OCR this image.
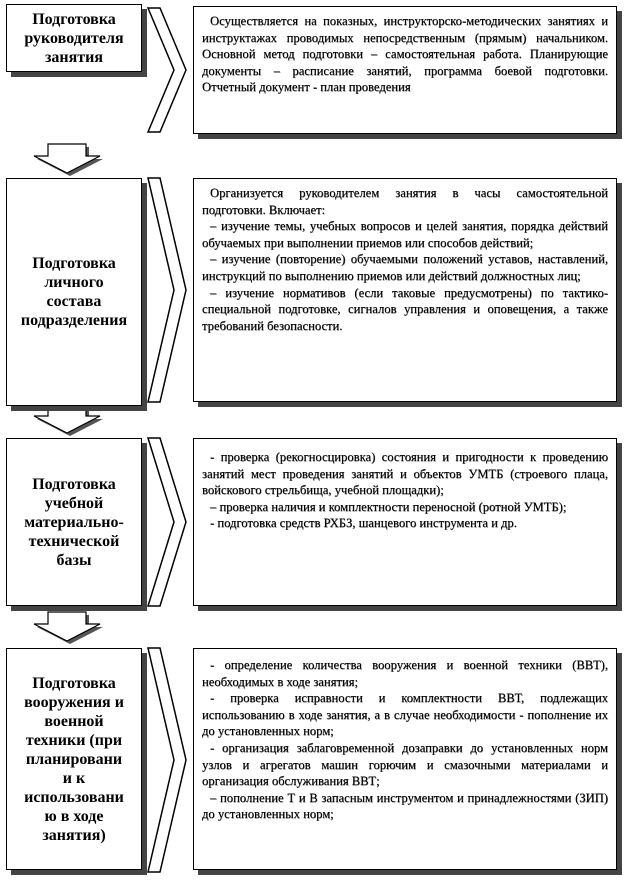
Подготовка
руководителя
занятия

Осуществляется на показных, инструкторско-методических занятиях и инструктажах проводимых непосредственным (прямым) начальником. Основной метод подготовки – самостоятельная работа. Планирующие документы – расписание занятий, программа боевой подготовки. Отчетный документ - план проведения

Подготовка
личного
состава
подразделения

Организуется руководителем занятия в часы самостоятельной подготовки. Включает:

– изучение темы, учебных вопросов и целей занятия, порядка действий обучаемых при выполнении приемов или способов действий;

– изучение (повторение) обучаемыми положений уставов, наставлений, инструкций по выполнению приемов или действий должностных лиц;

– изучение нормативов (если таковые предусмотрены) по тактико-специальной подготовке, сигналов управления и оповещения, а также требований безопасности.

Подготовка
учебной
материально-
технической
базы

- проверка (рекогносцировка) состояния и пригодности к проведению занятий мест проведения занятий и объектов УМТБ (строевого плаца, войскового стрельбища, учебной площадки);

– проверка наличия и комплектности переносной (ротной УМТБ);

- подготовка средств РХБЗ, шанцевого инструмента и др.

Подготовка
вооружения и
военной
техники (при
планировани
и к
использовани
ю в ходе
занятия)

- определение количества вооружения и военной техники (ВВТ), необходимых в ходе занятия;

- проверка исправности и комплектности ВВТ, подлежащих использованию в ходе занятия, а в случае необходимости - пополнение их до установленных норм;

- организация заблаговременной дозаправки до установленных норм узлов и агрегатов машин горючим и смазочными материалами и организация обслуживания ВВТ;

– пополнение Т и В запасным инструментом и принадлежностями (ЗИП) до установленных норм;
